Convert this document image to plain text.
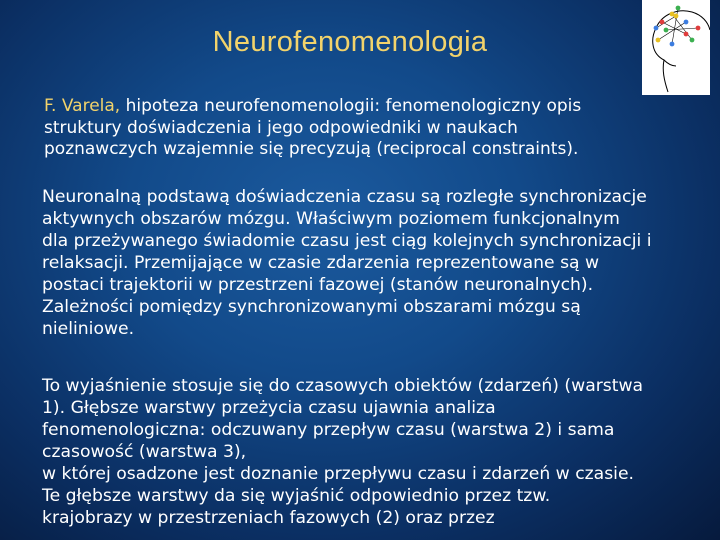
Neurofenomenologia
F. Varela, hipoteza neurofenomenologii: fenomenologiczny opis
struktury doświadczenia i jego odpowiedniki w naukach
poznawczych wzajemnie się precyzują (reciprocal constraints).
Neuronalną podstawą doświadczenia czasu są rozległe synchronizacje
aktywnych obszarów mózgu. Właściwym poziomem funkcjonalnym
dla przeżywanego świadomie czasu jest ciąg kolejnych synchronizacji i
relaksacji. Przemijające w czasie zdarzenia reprezentowane są w
postaci trajektorii w przestrzeni fazowej (stanów neuronalnych).
Zależności pomiędzy synchronizowanymi obszarami mózgu są
nieliniowe.
To wyjaśnienie stosuje się do czasowych obiektów (zdarzeń) (warstwa
1). Głębsze warstwy przeżycia czasu ujawnia analiza
fenomenologiczna: odczuwany przepływ czasu (warstwa 2) i sama
czasowość (warstwa 3),
w której osadzone jest doznanie przepływu czasu i zdarzeń w czasie.
Te głębsze warstwy da się wyjaśnić odpowiednio przez tzw.
krajobrazy w przestrzeniach fazowych (2) oraz przez
